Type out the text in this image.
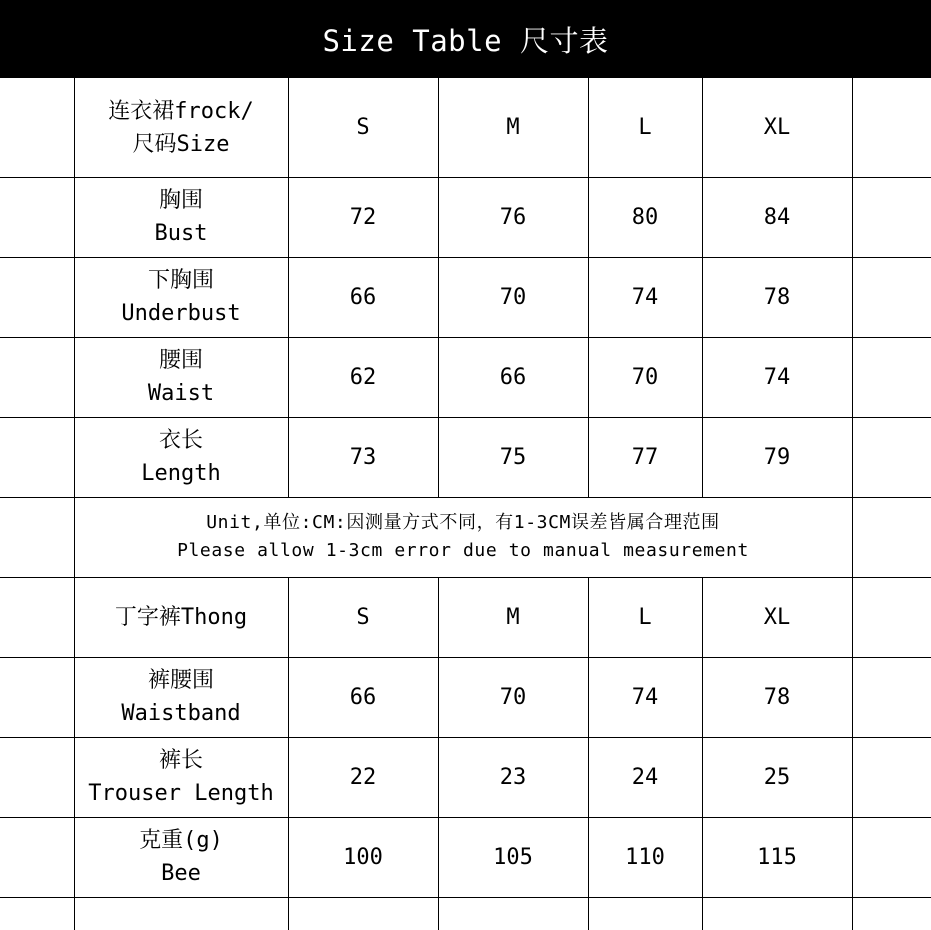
Size Table 尺寸表
连衣裙frock/
尺码Size
S	M	L	XL
胸围
Bust
72	76	80	84
下胸围
Underbust
66	70	74	78
腰围
Waist
62	66	70	74
衣长
Length
73	75	77	79
Unit,单位:CM:因测量方式不同，有1-3CM误差皆属合理范围
Please allow 1-3cm error due to manual measurement
丁字裤Thong	S	M	L	XL
裤腰围
Waistband
66	70	74	78
裤长
Trouser Length
22	23	24	25
克重(g)
Bee
100	105	110	115
